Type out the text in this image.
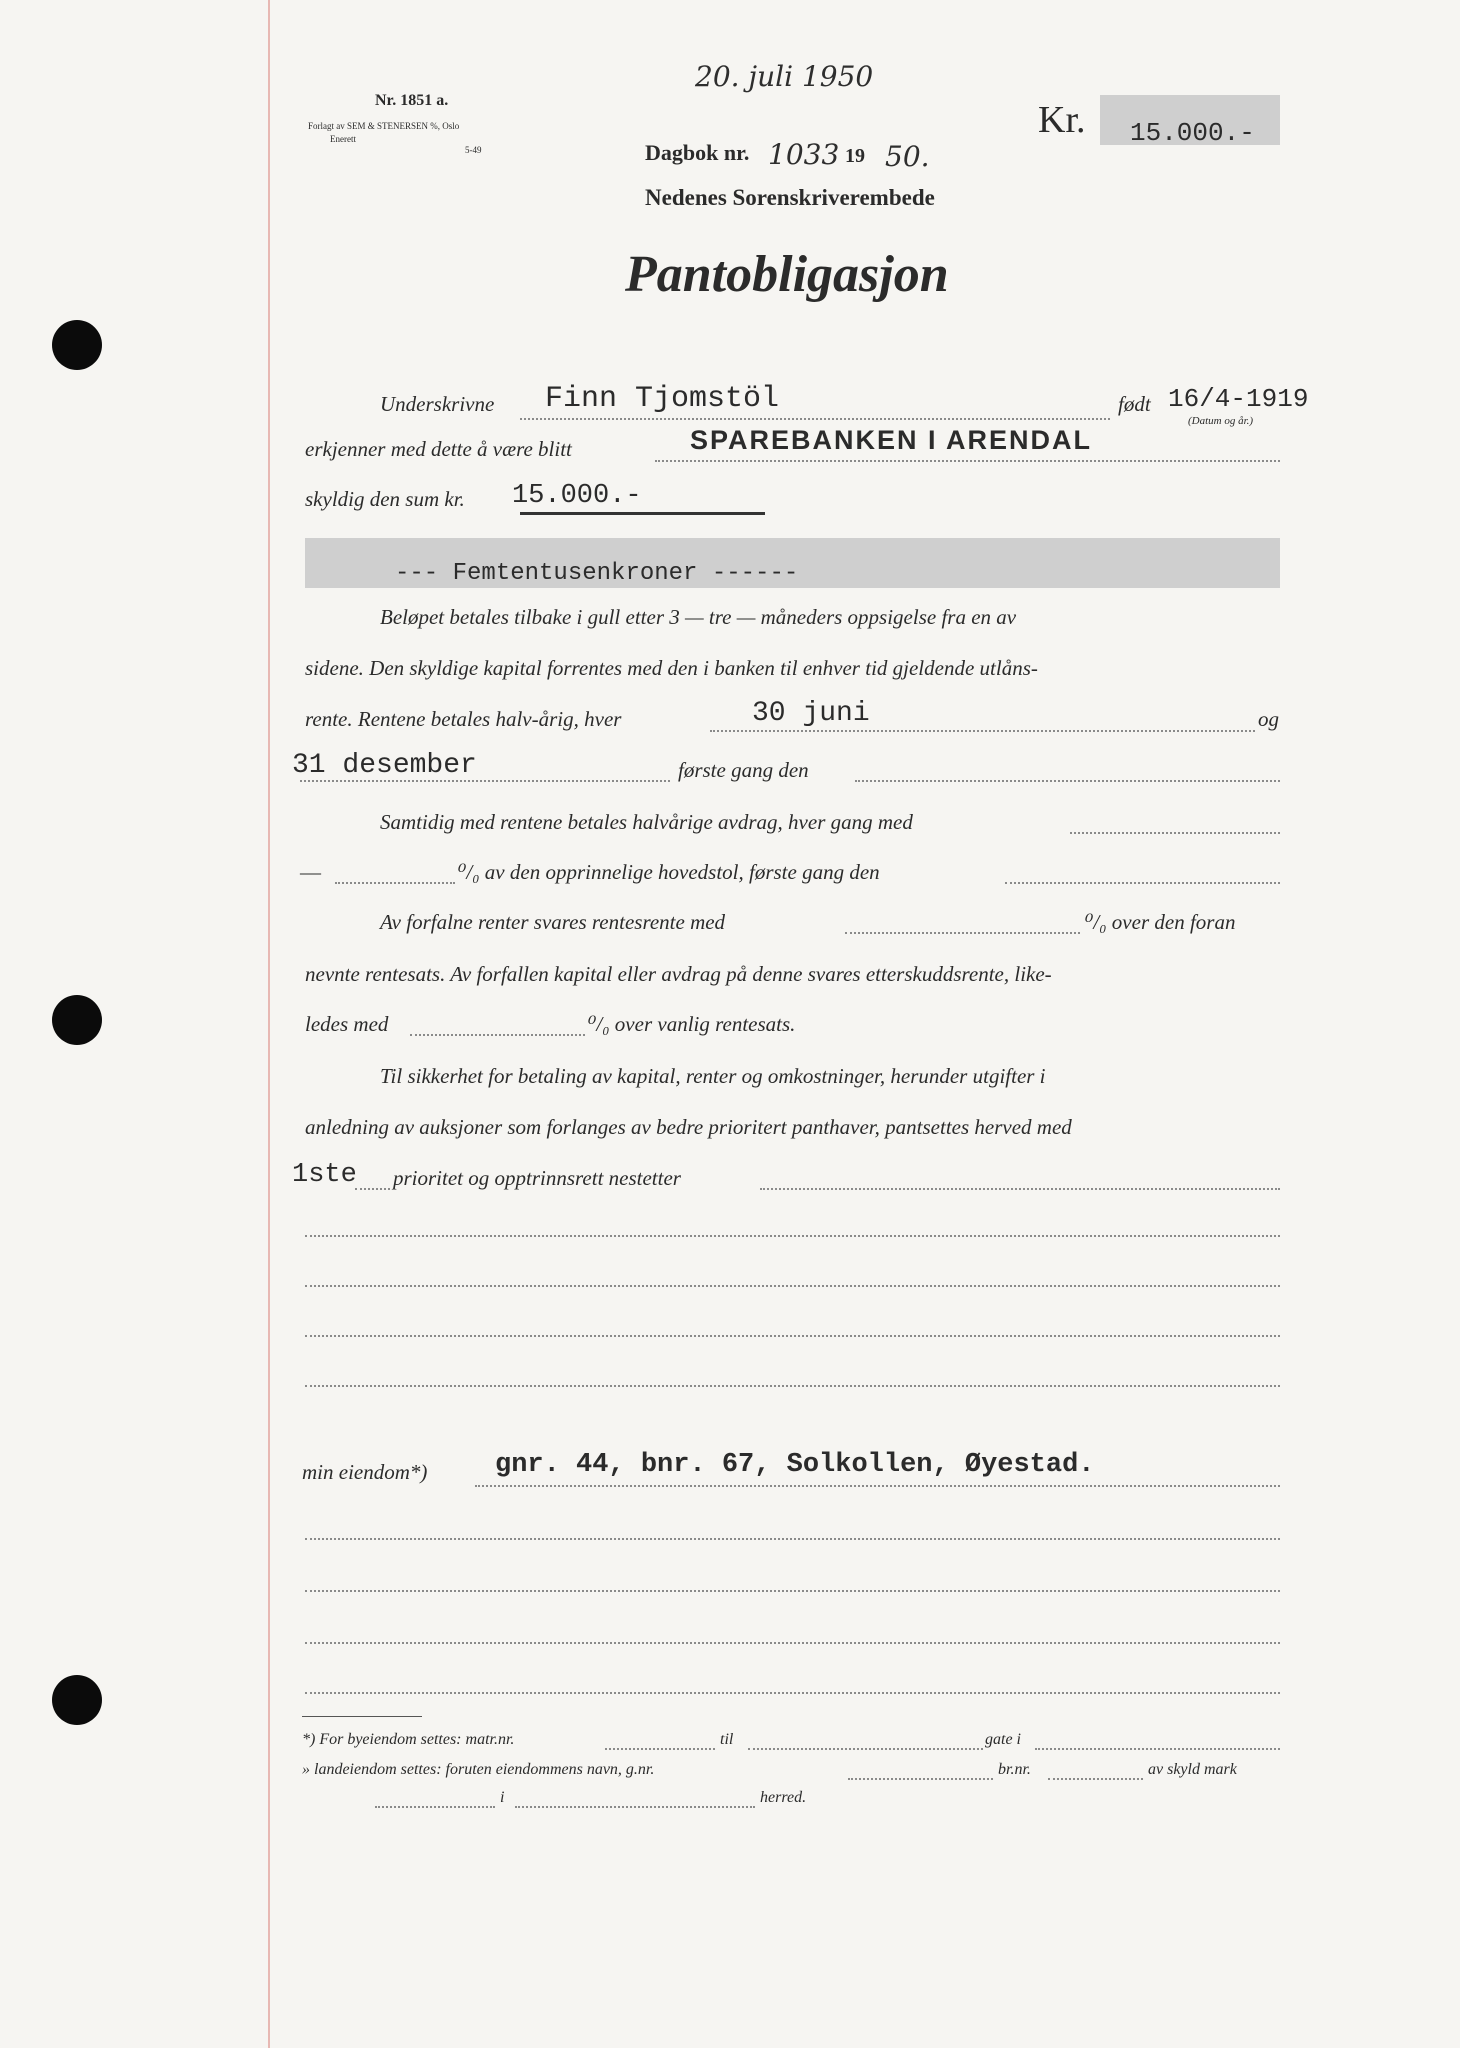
20. juli 1950
Nr. 1851 a.
Forlagt av SEM & STENERSEN %, Oslo
Enerett
5-49
Kr. 15.000.-
Dagbok nr. 1033 19 50.
Nedenes Sorenskriverembede
Pantobligasjon
Underskrivne Finn Tjomstöl	født 16/4-1919
(Datum og år.)
erkjenner med dette å være blitt	SPAREBANKEN I ARENDAL
skyldig den sum kr. 15.000.-
--- Femtentusenkroner ------
Beløpet betales tilbake i gull etter 3 — tre — måneders oppsigelse fra en av
sidene. Den skyldige kapital forrentes med den i banken til enhver tid gjeldende utlåns-
rente. Rentene betales halv-årig, hver	30 juni	og
31 desember	første gang den
Samtidig med rentene betales halvårige avdrag, hver gang med
—	⁰/₀ av den opprinnelige hovedstol, første gang den
Av forfalne renter svares rentesrente med	⁰/₀ over den foran
nevnte rentesats. Av forfallen kapital eller avdrag på denne svares etterskuddsrente, like-
ledes med	⁰/₀ over vanlig rentesats.
Til sikkerhet for betaling av kapital, renter og omkostninger, herunder utgifter i
anledning av auksjoner som forlanges av bedre prioritert panthaver, pantsettes herved med
1ste prioritet og opptrinnsrett nestetter
min eiendom*)	gnr. 44, bnr. 67, Solkollen, Øyestad.
*) For byeiendom settes: matr.nr.	til	gate i
» landeiendom settes: foruten eiendommens navn, g.nr.	br.nr.	av skyld mark
i	herred.
